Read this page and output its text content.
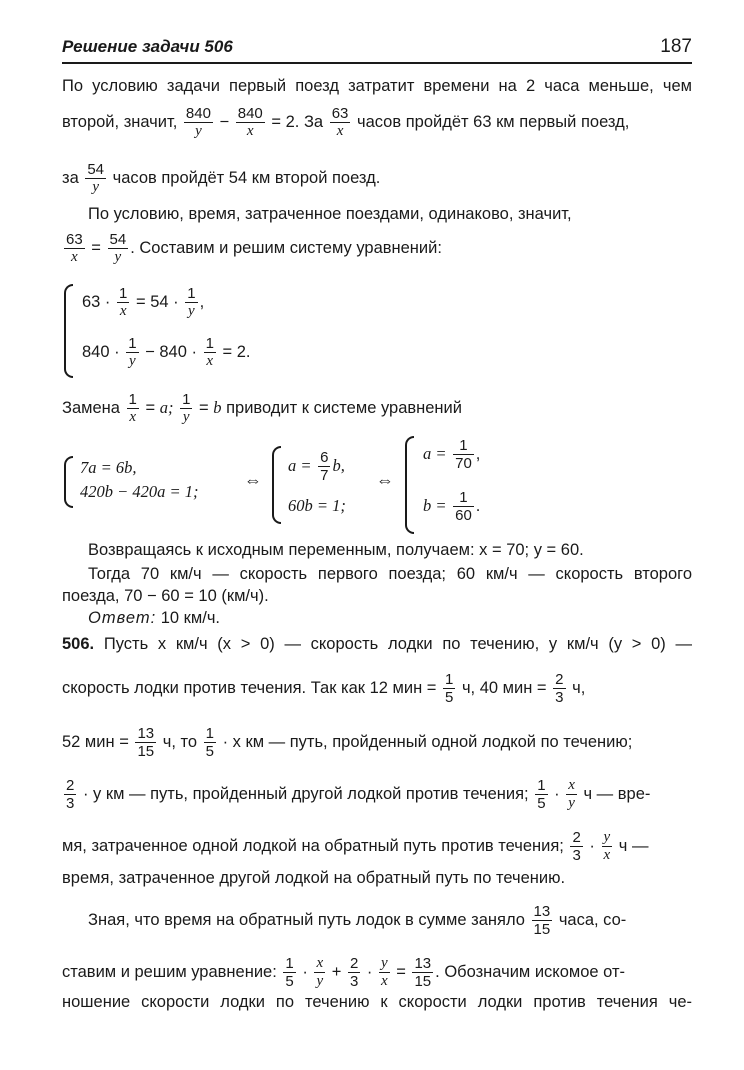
Решение задачи 506	187
По условию задачи первый поезд затратит времени на 2 часа меньше, чем
второй, значит, $\frac{840}{y} - \frac{840}{x} = 2$. За $\frac{63}{x}$ часов пройдёт 63 км первый поезд,
за $\frac{54}{y}$ часов пройдёт 54 км второй поезд.
По условию, время, затраченное поездами, одинаково, значит,
$\frac{63}{x} = \frac{54}{y}$ . Составим и решим систему уравнений:
$63 \cdot \frac{1}{x} = 54 \cdot \frac{1}{y}$ ,
$840 \cdot \frac{1}{y} - 840 \cdot \frac{1}{x} = 2$.
Замена $\frac{1}{x} = a$; $\frac{1}{y} = b$ приводит к системе уравнений
7a = 6b,
420b − 420a = 1;
⇔
$a = \frac{6}{7} b$,
60b = 1;
⇔
$a = \frac{1}{70}$ ,
$b = \frac{1}{60}$ .
Возвращаясь к исходным переменным, получаем: x = 70; y = 60.
Тогда 70 км/ч — скорость первого поезда; 60 км/ч — скорость второго
поезда, 70 − 60 = 10 (км/ч).
Ответ: 10 км/ч.
506. Пусть x км/ч (x > 0) — скорость лодки по течению, y км/ч (y > 0) —
скорость лодки против течения. Так как 12 мин = $\frac{1}{5} ч$, 40 мин = $\frac{2}{3} ч$,
52 мин = $\frac{13}{15} ч$, то $\frac{1}{5} \cdot x$ км — путь, пройденный одной лодкой по течению;
$\frac{2}{3} \cdot y$ км — путь, пройденный другой лодкой против течения; $\frac{1}{5} \cdot \frac{x}{y}$ ч — вре-
мя, затраченное одной лодкой на обратный путь против течения; $\frac{2}{3} \cdot \frac{y}{x}$ ч —
время, затраченное другой лодкой на обратный путь по течению.
Зная, что время на обратный путь лодок в сумме заняло $\frac{13}{15}$ часа, со-
ставим и решим уравнение: $\frac{1}{5} \cdot \frac{x}{y} + \frac{2}{3} \cdot \frac{y}{x} = \frac{13}{15}$ . Обозначим искомое от-
ношение скорости лодки по течению к скорости лодки против течения че-
